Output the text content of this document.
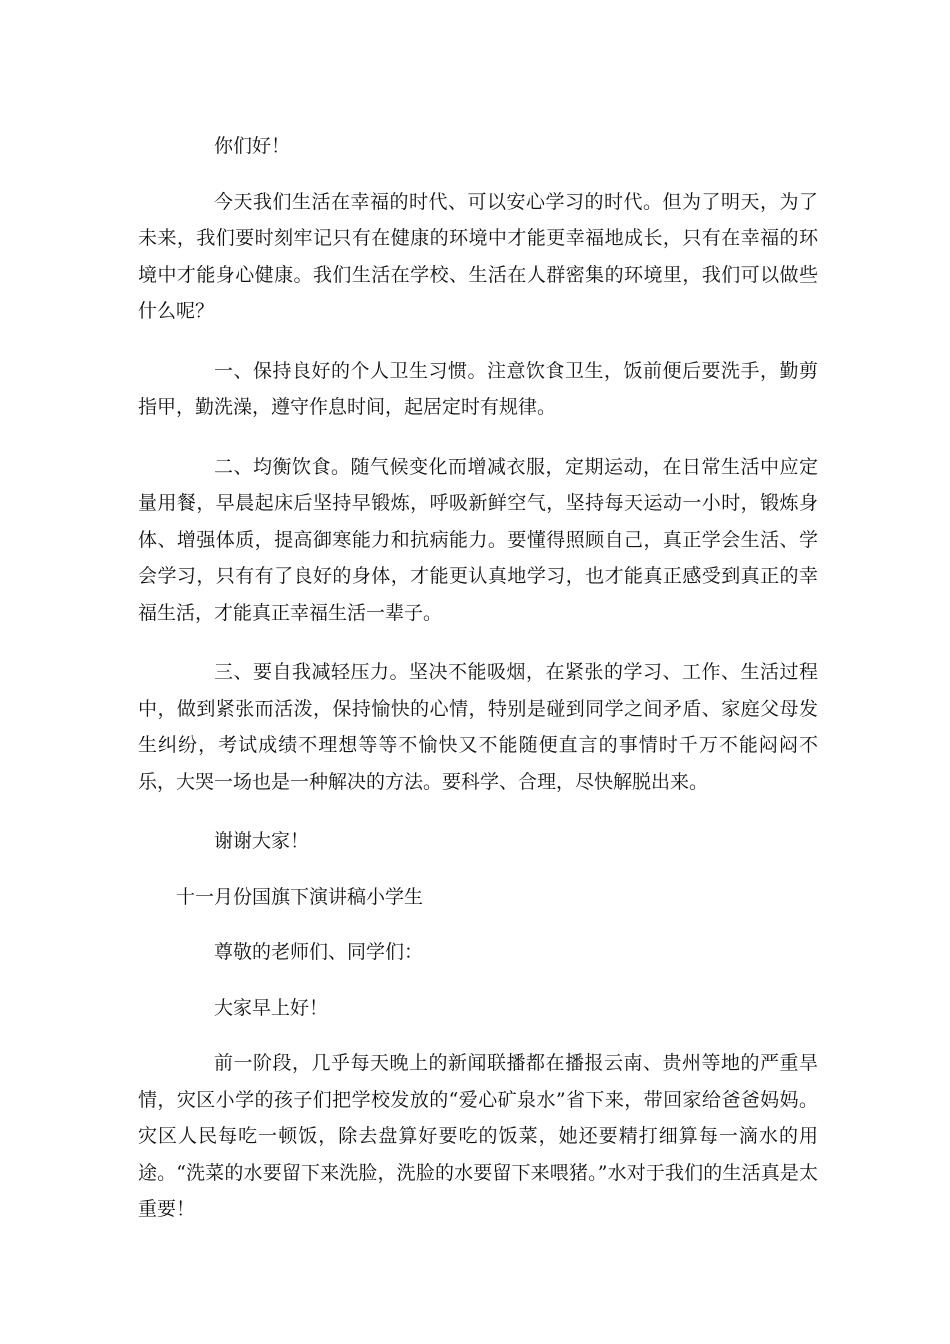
你们好！

今天我们生活在幸福的时代、可以安心学习的时代。但为了明天，为了未来，我们要时刻牢记只有在健康的环境中才能更幸福地成长，只有在幸福的环境中才能身心健康。我们生活在学校、生活在人群密集的环境里，我们可以做些什么呢？

一、保持良好的个人卫生习惯。注意饮食卫生，饭前便后要洗手，勤剪指甲，勤洗澡，遵守作息时间，起居定时有规律。

二、均衡饮食。随气候变化而增减衣服，定期运动，在日常生活中应定量用餐，早晨起床后坚持早锻炼，呼吸新鲜空气，坚持每天运动一小时，锻炼身体、增强体质，提高御寒能力和抗病能力。要懂得照顾自己，真正学会生活、学会学习，只有有了良好的身体，才能更认真地学习，也才能真正感受到真正的幸福生活，才能真正幸福生活一辈子。

三、要自我减轻压力。坚决不能吸烟，在紧张的学习、工作、生活过程中，做到紧张而活泼，保持愉快的心情，特别是碰到同学之间矛盾、家庭父母发生纠纷，考试成绩不理想等等不愉快又不能随便直言的事情时千万不能闷闷不乐，大哭一场也是一种解决的方法。要科学、合理，尽快解脱出来。

谢谢大家！

十一月份国旗下演讲稿小学生

尊敬的老师们、同学们：

大家早上好！

前一阶段，几乎每天晚上的新闻联播都在播报云南、贵州等地的严重旱情，灾区小学的孩子们把学校发放的“爱心矿泉水”省下来，带回家给爸爸妈妈。灾区人民每吃一顿饭，除去盘算好要吃的饭菜，她还要精打细算每一滴水的用途。“洗菜的水要留下来洗脸，洗脸的水要留下来喂猪。”水对于我们的生活真是太重要！
